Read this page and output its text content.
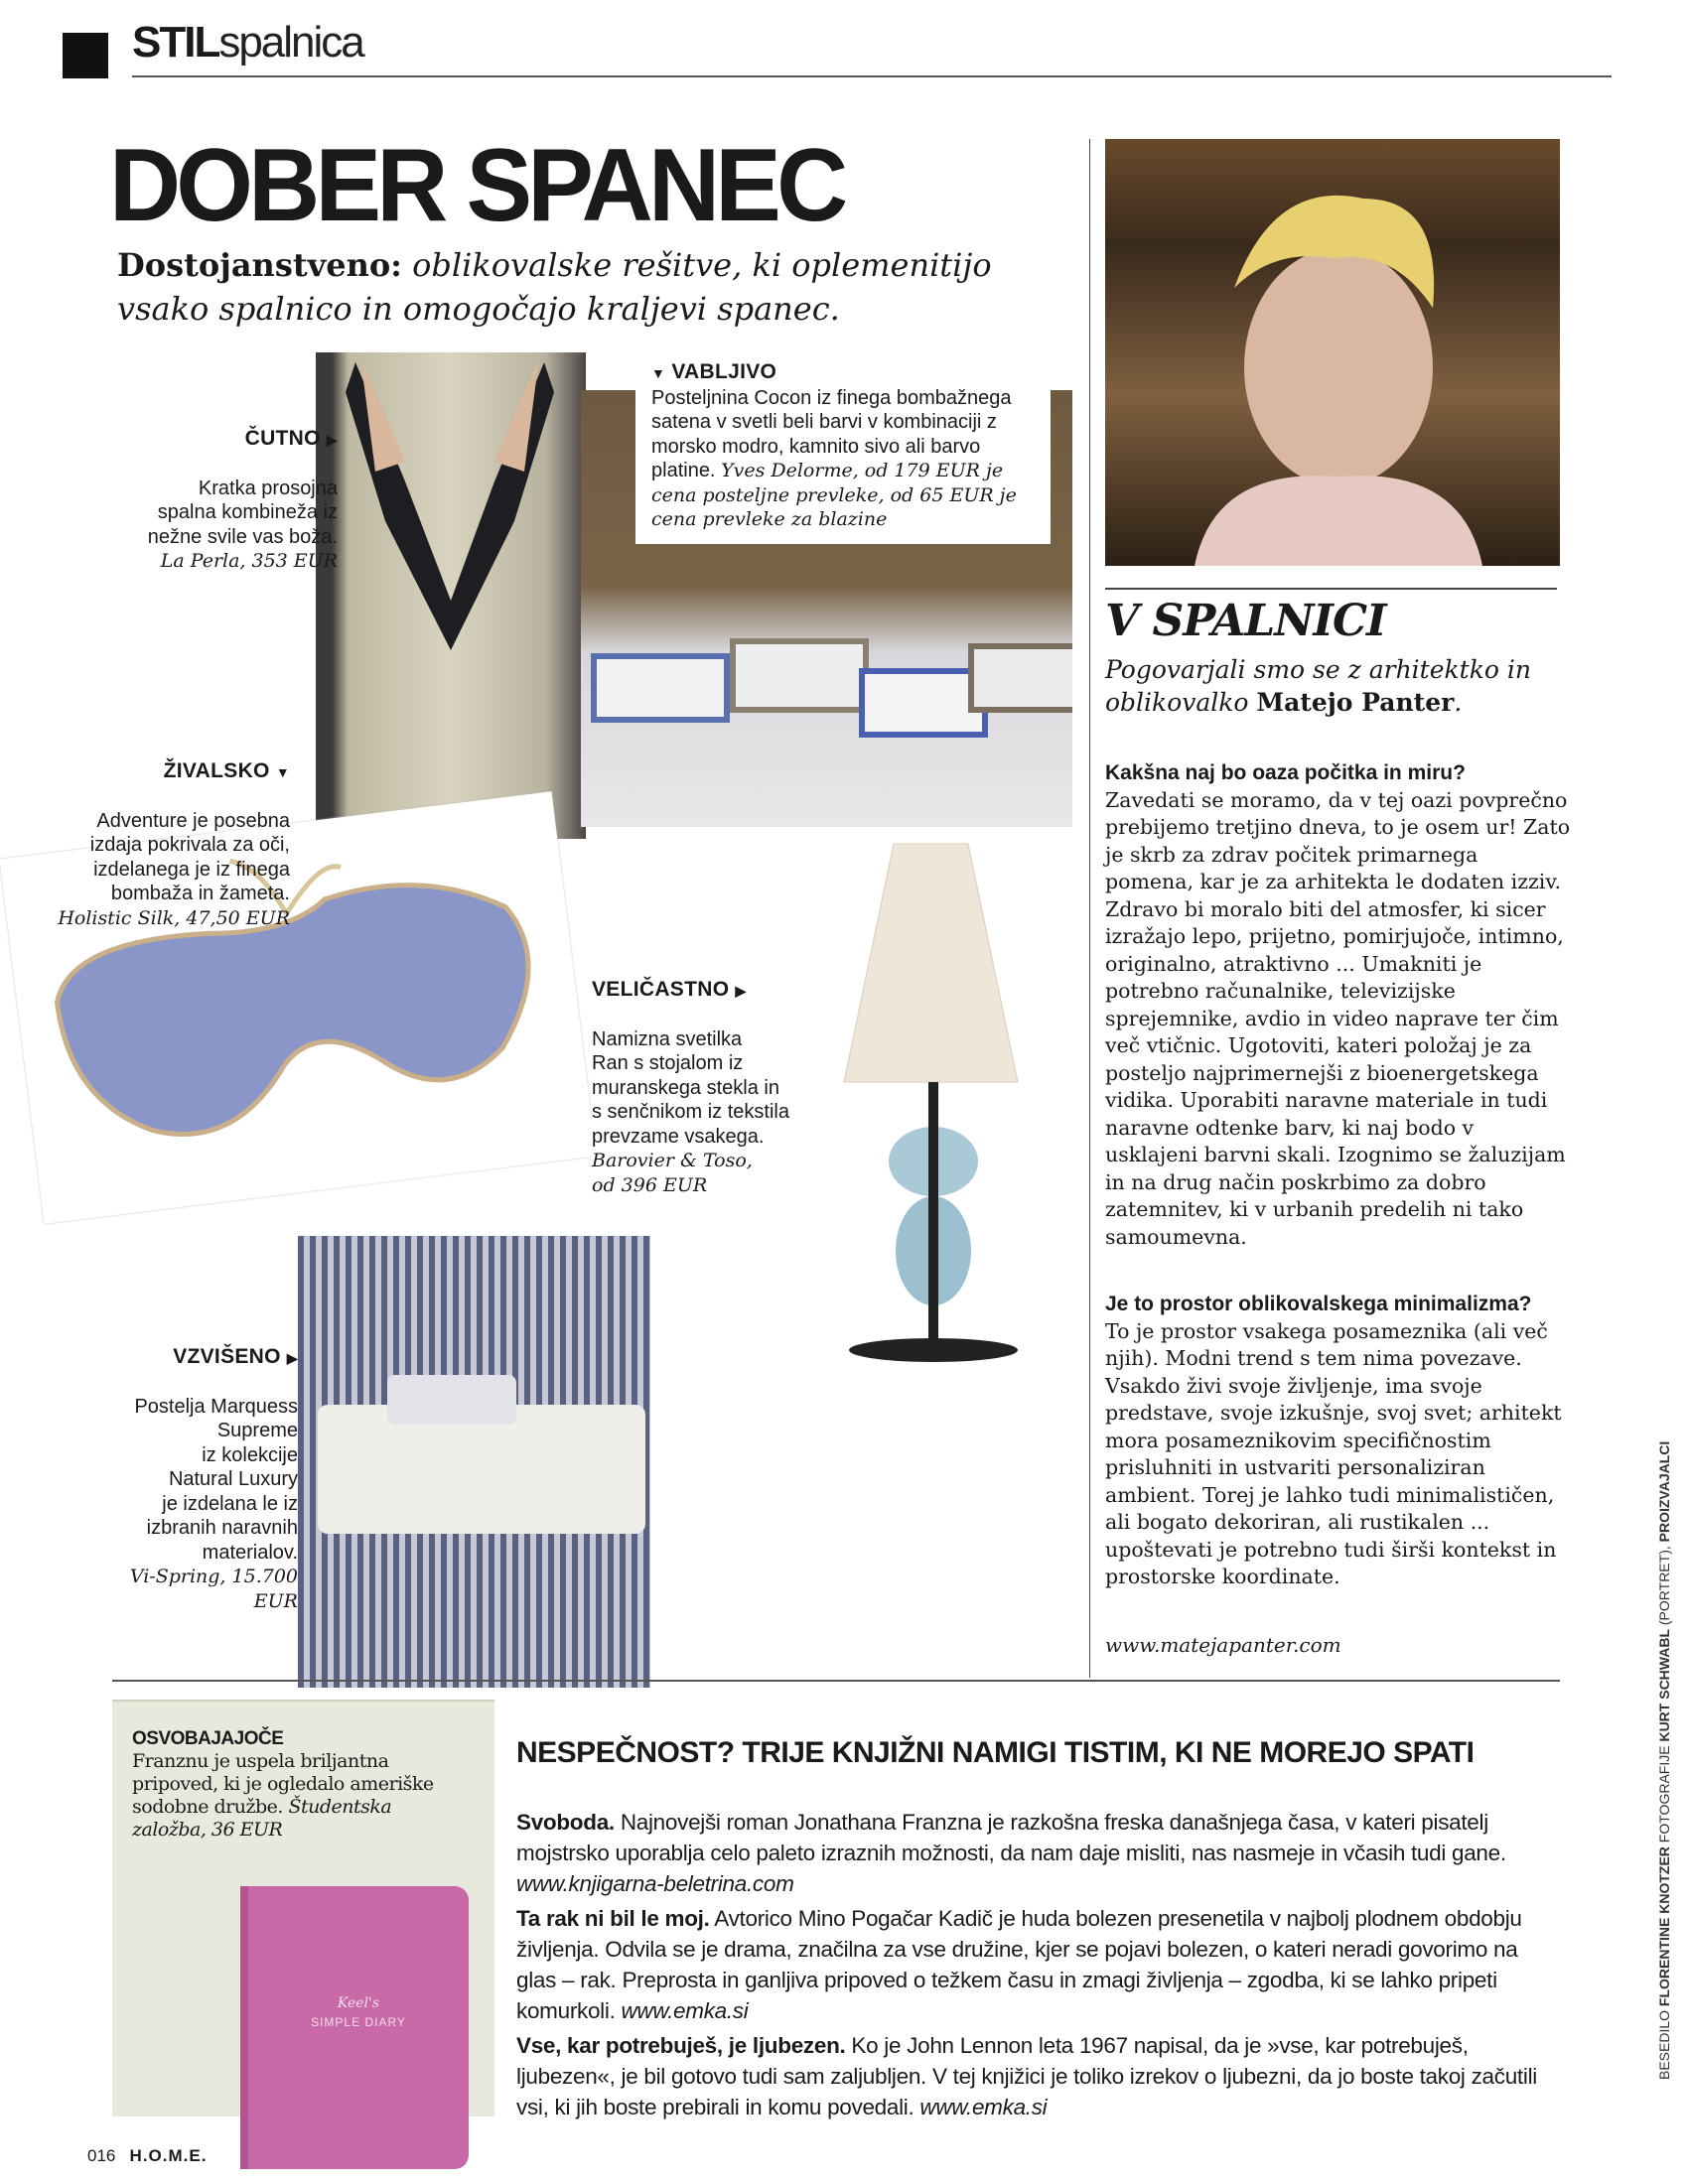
STILspalnica
DOBER SPANEC

Dostojanstveno: oblikovalske rešitve, ki oplemenitijo vsako spalnico in omogočajo kraljevi spanec.

▼ VABLJIVO
Posteljnina Cocon iz finega bombažnega satena v svetli beli barvi v kombinaciji z morsko modro, kamnito sivo ali barvo platine. Yves Delorme, od 179 EUR je cena posteljne prevleke, od 65 EUR je cena prevleke za blazine

ČUTNO ▶

Kratka prosojna
spalna kombineža iz
nežne svile vas boža.
La Perla, 353 EUR

ŽIVALSKO ▼

Adventure je posebna
izdaja pokrivala za oči,
izdelanega je iz finega
bombaža in žameta.
Holistic Silk, 47,50 EUR

VELIČASTNO ▶

Namizna svetilka
Ran s stojalom iz
muranskega stekla in
s senčnikom iz tekstila
prevzame vsakega.
Barovier & Toso,
od 396 EUR

VZVIŠENO ▶

Postelja Marquess
Supreme
iz kolekcije
Natural Luxury
je izdelana le iz
izbranih naravnih
materialov.
Vi-Spring, 15.700
EUR

V SPALNICI

Pogovarjali smo se z arhitektko in oblikovalko Matejo Panter.

Kakšna naj bo oaza počitka in miru?

Zavedati se moramo, da v tej oazi povprečno prebijemo tretjino dneva, to je osem ur! Zato je skrb za zdrav počitek primarnega pomena, kar je za arhitekta le dodaten izziv. Zdravo bi moralo biti del atmosfer, ki sicer izražajo lepo, prijetno, pomirjujoče, intimno, originalno, atraktivno ... Umakniti je potrebno računalnike, televizijske sprejemnike, avdio in video naprave ter čim več vtičnic. Ugotoviti, kateri položaj je za posteljo najprimernejši z bioenergetskega vidika. Uporabiti naravne materiale in tudi naravne odtenke barv, ki naj bodo v usklajeni barvni skali. Izognimo se žaluzijam in na drug način poskrbimo za dobro zatemnitev, ki v urbanih predelih ni tako samoumevna.

Je to prostor oblikovalskega minimalizma?

To je prostor vsakega posameznika (ali več njih). Modni trend s tem nima povezave. Vsakdo živi svoje življenje, ima svoje predstave, svoje izkušnje, svoj svet; arhitekt mora posameznikovim specifičnostim prisluhniti in ustvariti personaliziran ambient. Torej je lahko tudi minimalističen, ali bogato dekoriran, ali rustikalen ... upoštevati je potrebno tudi širši kontekst in prostorske koordinate.

www.matejapanter.com
OSVOBAJAJOČE
Franznu je uspela briljantna pripoved, ki je ogledalo ameriške sodobne družbe. Študentska založba, 36 EUR
Keel's
SIMPLE DIARY
NESPEČNOST? TRIJE KNJIŽNI NAMIGI TISTIM, KI NE MOREJO SPATI

Svoboda. Najnovejši roman Jonathana Franzna je razkošna freska današnjega časa, v kateri pisatelj mojstrsko uporablja celo paleto izraznih možnosti, da nam daje misliti, nas nasmeje in včasih tudi gane. www.knjigarna-beletrina.com

Ta rak ni bil le moj. Avtorico Mino Pogačar Kadič je huda bolezen presenetila v najbolj plodnem obdobju življenja. Odvila se je drama, značilna za vse družine, kjer se pojavi bolezen, o kateri neradi govorimo na glas – rak. Preprosta in ganljiva pripoved o težkem času in zmagi življenja – zgodba, ki se lahko pripeti komurkoli. www.emka.si

Vse, kar potrebuješ, je ljubezen. Ko je John Lennon leta 1967 napisal, da je »vse, kar potrebuješ, ljubezen«, je bil gotovo tudi sam zaljubljen. V tej knjižici je toliko izrekov o ljubezni, da jo boste takoj začutili vsi, ki jih boste prebirali in komu povedali. www.emka.si

BESEDILO FLORENTINE KNOTZER FOTOGRAFIJE KURT SCHWABL (PORTRET), PROIZVAJALCI
016 H.O.M.E.
